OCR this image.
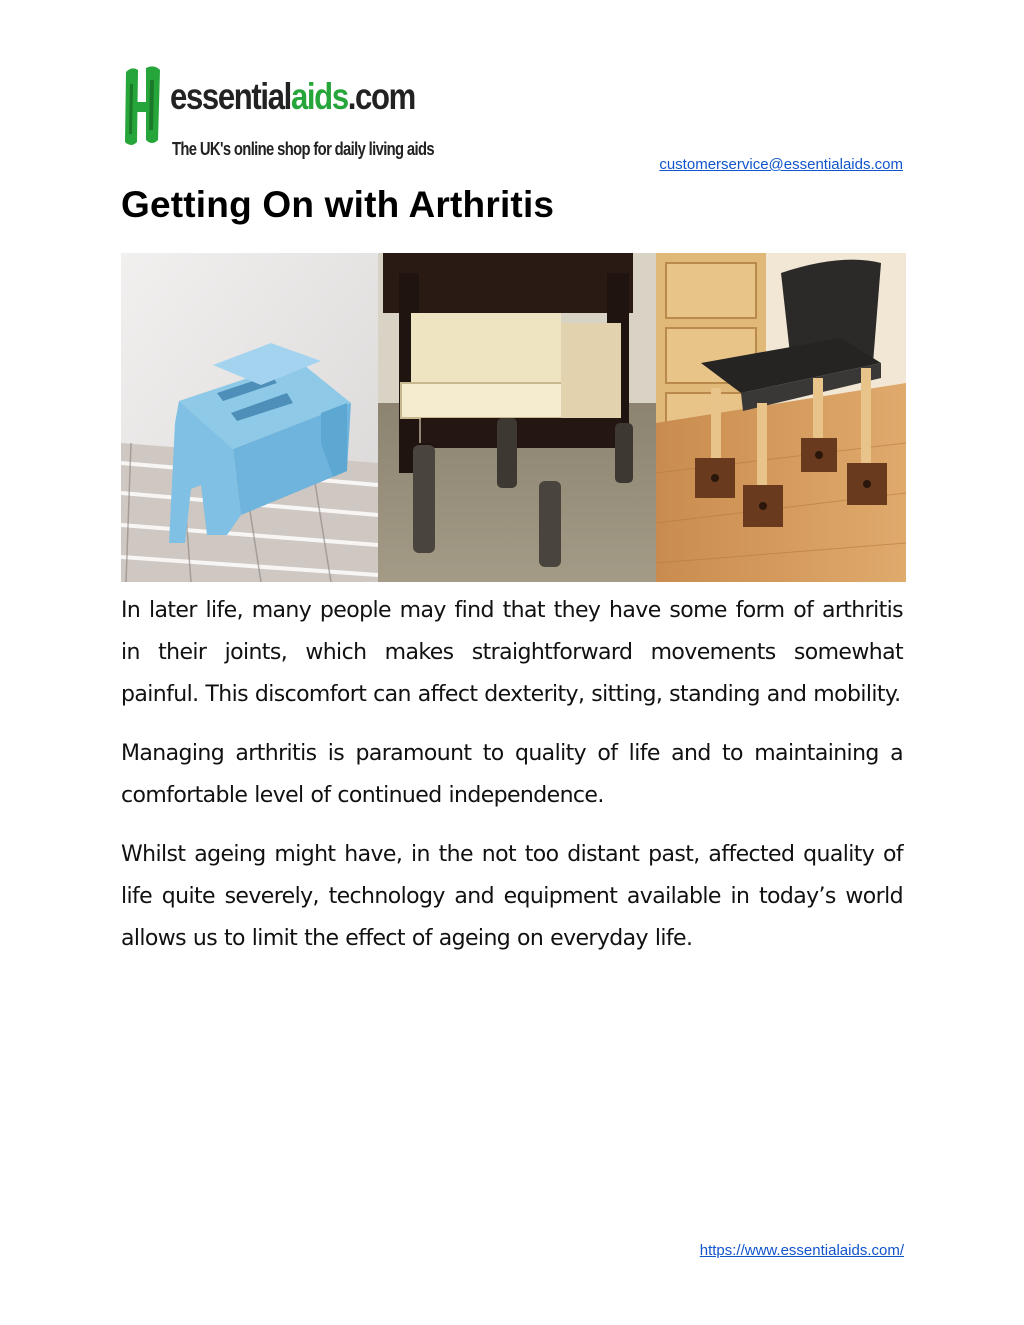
essentialaids.com
The UK's online shop for daily living aids
customerservice@essentialaids.com
Getting On with Arthritis

In later life, many people may find that they have some form of arthritis in their joints, which makes straightforward movements somewhat painful. This discomfort can affect dexterity, sitting, standing and mobility.

Managing arthritis is paramount to quality of life and to maintaining a comfortable level of continued independence.

Whilst ageing might have, in the not too distant past, affected quality of life quite severely, technology and equipment available in today’s world allows us to limit the effect of ageing on everyday life.

https://www.essentialaids.com/
